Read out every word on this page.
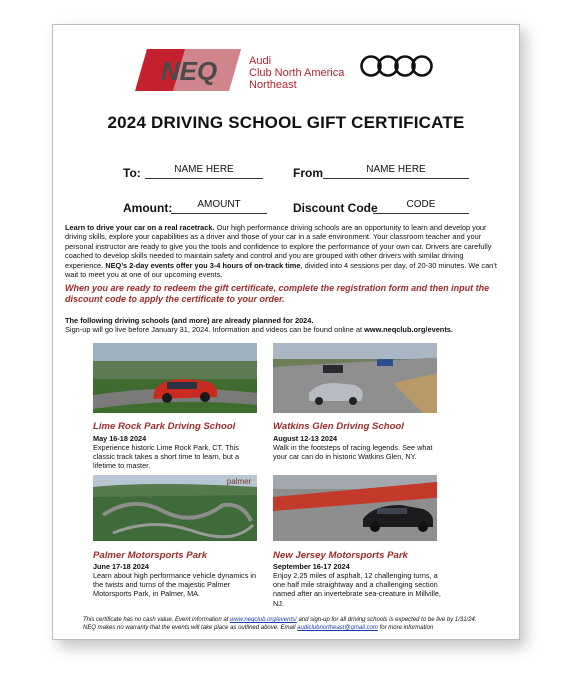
NEQ	Audi
Club North America
Northeast
2024 DRIVING SCHOOL GIFT CERTIFICATE
To:	NAME HERE	From	NAME HERE
Amount:	AMOUNT	Discount Code	CODE
Learn to drive your car on a real racetrack. Our high performance driving schools are an opportunity to learn and develop your driving skills, explore your capabilities as a driver and those of your car in a safe environment. Your classroom teacher and your personal instructor are ready to give you the tools and confidence to explore the performance of your own car. Drivers are carefully coached to develop skills needed to maintain safety and control and you are grouped with other drivers with similar driving experience. NEQ’s 2-day events offer you 3-4 hours of on-track time, divided into 4 sessions per day, of 20-30 minutes. We can’t wait to meet you at one of our upcoming events.
When you are ready to redeem the gift certificate, complete the registration form and then input the discount code to apply the certificate to your order.
The following driving schools (and more) are already planned for 2024.
Sign-up will go live before January 31, 2024. Information and videos can be found online at www.neqclub.org/events.
Lime Rock Park Driving School
May 16-18 2024
Experience historic Lime Rock Park, CT. This classic track takes a short time to learn, but a lifetime to master.
Watkins Glen Driving School
August 12-13 2024
Walk in the footsteps of racing legends. See what your car can do in historic Watkins Glen, NY.
palmer
Palmer Motorsports Park
June 17-18 2024
Learn about high performance vehicle dynamics in the twists and turns of the majestic Palmer Motorsports Park, in Palmer, MA.
New Jersey Motorsports Park
September 16-17 2024
Enjoy 2.25 miles of asphalt, 12 challenging turns, a one half mile straightway and a challenging section named after an invertebrate sea-creature in Millville, NJ.
This certificate has no cash value. Event information at www.neqclub.org/events/ and sign-up for all driving schools is expected to be live by 1/31/24. NEQ makes no warranty that the events will take place as outlined above. Email audiclubnortheast@gmail.com for more information
